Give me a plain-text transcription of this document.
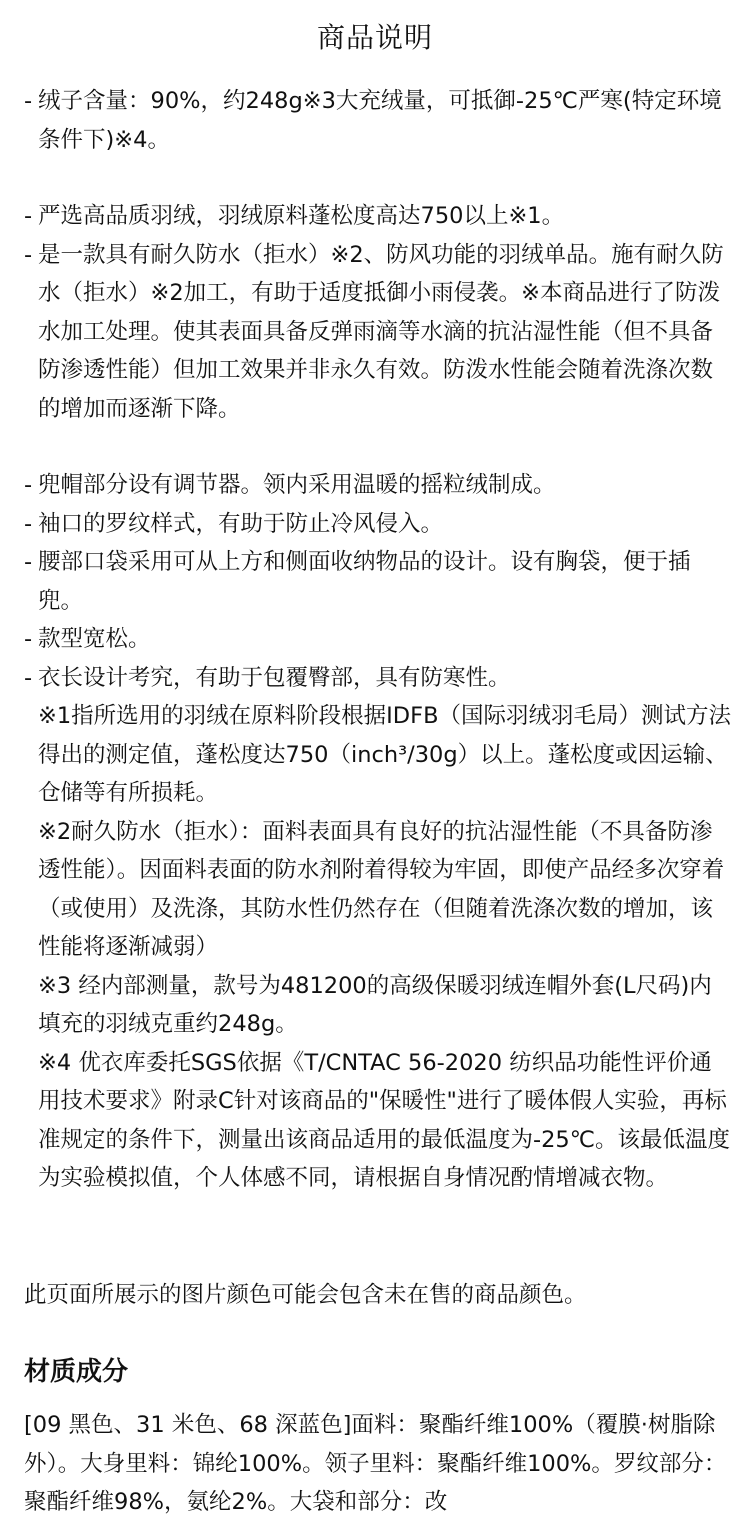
商品说明
- 绒子含量：90%，约248g※3大充绒量，可抵御-25℃严寒(特定环境条件下)※4。
- 严选高品质羽绒，羽绒原料蓬松度高达750以上※1。
- 是一款具有耐久防水（拒水）※2、防风功能的羽绒单品。施有耐久防水（拒水）※2加工，有助于适度抵御小雨侵袭。※本商品进行了防泼水加工处理。使其表面具备反弹雨滴等水滴的抗沾湿性能（但不具备防渗透性能）但加工效果并非永久有效。防泼水性能会随着洗涤次数的增加而逐渐下降。
- 兜帽部分设有调节器。领内采用温暖的摇粒绒制成。
- 袖口的罗纹样式，有助于防止冷风侵入。
- 腰部口袋采用可从上方和侧面收纳物品的设计。设有胸袋，便于插兜。
- 款型宽松。
- 衣长设计考究，有助于包覆臀部，具有防寒性。
※1指所选用的羽绒在原料阶段根据IDFB（国际羽绒羽毛局）测试方法得出的测定值，蓬松度达750（inch³/30g）以上。蓬松度或因运输、仓储等有所损耗。
※2耐久防水（拒水）：面料表面具有良好的抗沾湿性能（不具备防渗透性能）。因面料表面的防水剂附着得较为牢固，即使产品经多次穿着（或使用）及洗涤，其防水性仍然存在（但随着洗涤次数的增加，该性能将逐渐减弱）
※3 经内部测量，款号为481200的高级保暖羽绒连帽外套(L尺码)内填充的羽绒克重约248g。
※4 优衣库委托SGS依据《T/CNTAC 56-2020 纺织品功能性评价通用技术要求》附录C针对该商品的"保暖性"进行了暖体假人实验，再标准规定的条件下，测量出该商品适用的最低温度为-25℃。该最低温度为实验模拟值，个人体感不同，请根据自身情况酌情增减衣物。
此页面所展示的图片颜色可能会包含未在售的商品颜色。
材质成分
[09 黑色、31 米色、68 深蓝色]面料：聚酯纤维100%（覆膜·树脂除外）。大身里料：锦纶100%。领子里料：聚酯纤维100%。罗纹部分：聚酯纤维98%，氨纶2%。大袋和部分：改
